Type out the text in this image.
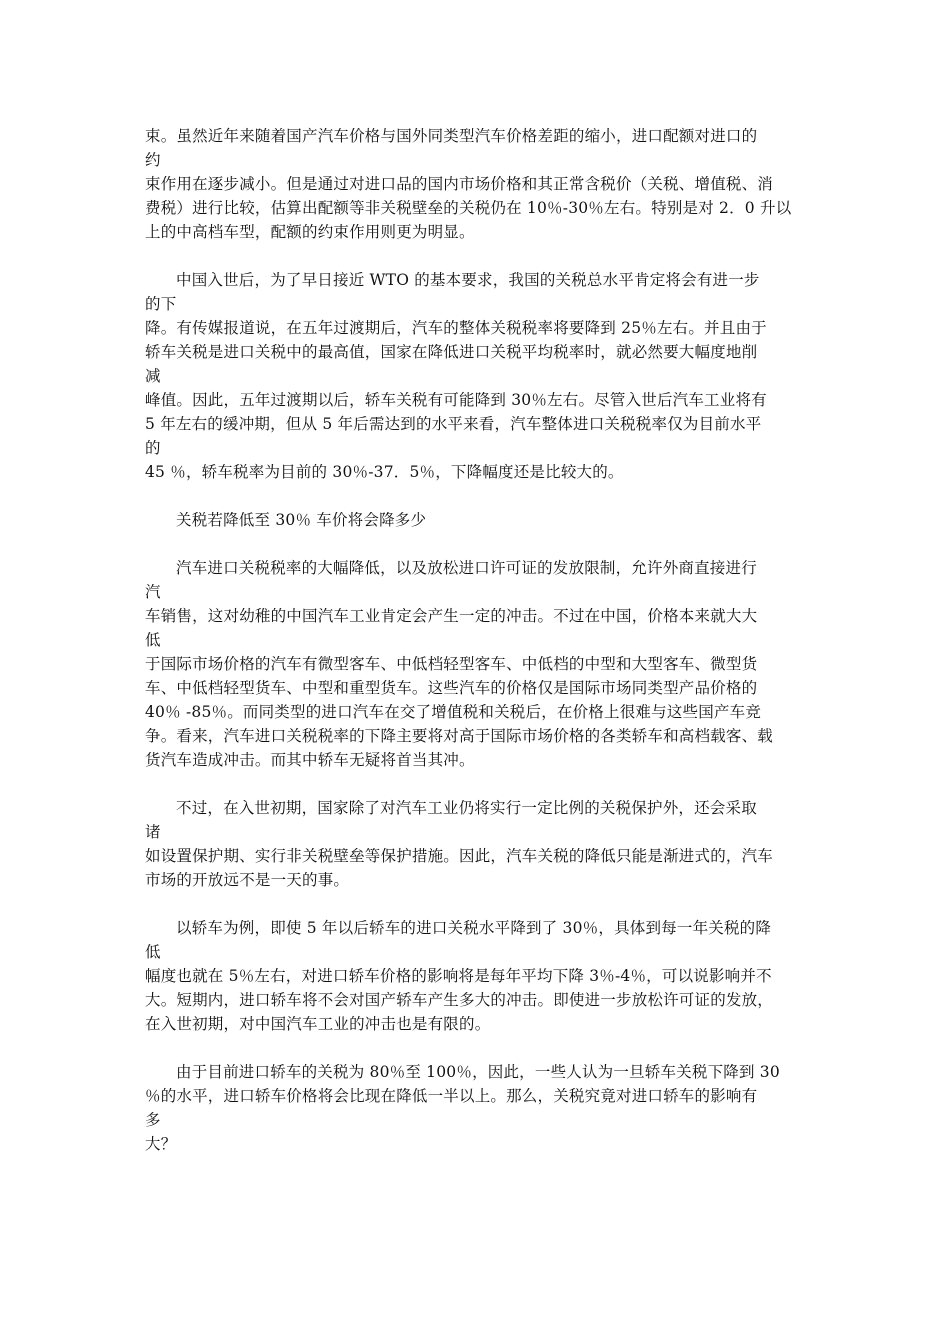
束。虽然近年来随着国产汽车价格与国外同类型汽车价格差距的缩小，进口配额对进口的
约
束作用在逐步减小。但是通过对进口品的国内市场价格和其正常含税价（关税、增值税、消
费税）进行比较，估算出配额等非关税壁垒的关税仍在 10％-30％左右。特别是对 2．0 升以
上的中高档车型，配额的约束作用则更为明显。
中国入世后，为了早日接近 WTO 的基本要求，我国的关税总水平肯定将会有进一步
的下
降。有传媒报道说，在五年过渡期后，汽车的整体关税税率将要降到 25％左右。并且由于
轿车关税是进口关税中的最高值，国家在降低进口关税平均税率时，就必然要大幅度地削
减
峰值。因此，五年过渡期以后，轿车关税有可能降到 30％左右。尽管入世后汽车工业将有
5 年左右的缓冲期，但从 5 年后需达到的水平来看，汽车整体进口关税税率仅为目前水平
的
45 ％，轿车税率为目前的 30％-37．5％，下降幅度还是比较大的。
关税若降低至 30％ 车价将会降多少
汽车进口关税税率的大幅降低，以及放松进口许可证的发放限制，允许外商直接进行
汽
车销售，这对幼稚的中国汽车工业肯定会产生一定的冲击。不过在中国，价格本来就大大
低
于国际市场价格的汽车有微型客车、中低档轻型客车、中低档的中型和大型客车、微型货
车、中低档轻型货车、中型和重型货车。这些汽车的价格仅是国际市场同类型产品价格的
40％ -85％。而同类型的进口汽车在交了增值税和关税后，在价格上很难与这些国产车竞
争。看来，汽车进口关税税率的下降主要将对高于国际市场价格的各类轿车和高档载客、载
货汽车造成冲击。而其中轿车无疑将首当其冲。
不过，在入世初期，国家除了对汽车工业仍将实行一定比例的关税保护外，还会采取
诸
如设置保护期、实行非关税壁垒等保护措施。因此，汽车关税的降低只能是渐进式的，汽车
市场的开放远不是一天的事。
以轿车为例，即使 5 年以后轿车的进口关税水平降到了 30％，具体到每一年关税的降
低
幅度也就在 5％左右，对进口轿车价格的影响将是每年平均下降 3％-4％，可以说影响并不
大。短期内，进口轿车将不会对国产轿车产生多大的冲击。即使进一步放松许可证的发放，
在入世初期，对中国汽车工业的冲击也是有限的。
由于目前进口轿车的关税为 80％至 100％，因此，一些人认为一旦轿车关税下降到 30
％的水平，进口轿车价格将会比现在降低一半以上。那么，关税究竟对进口轿车的影响有
多
大？
